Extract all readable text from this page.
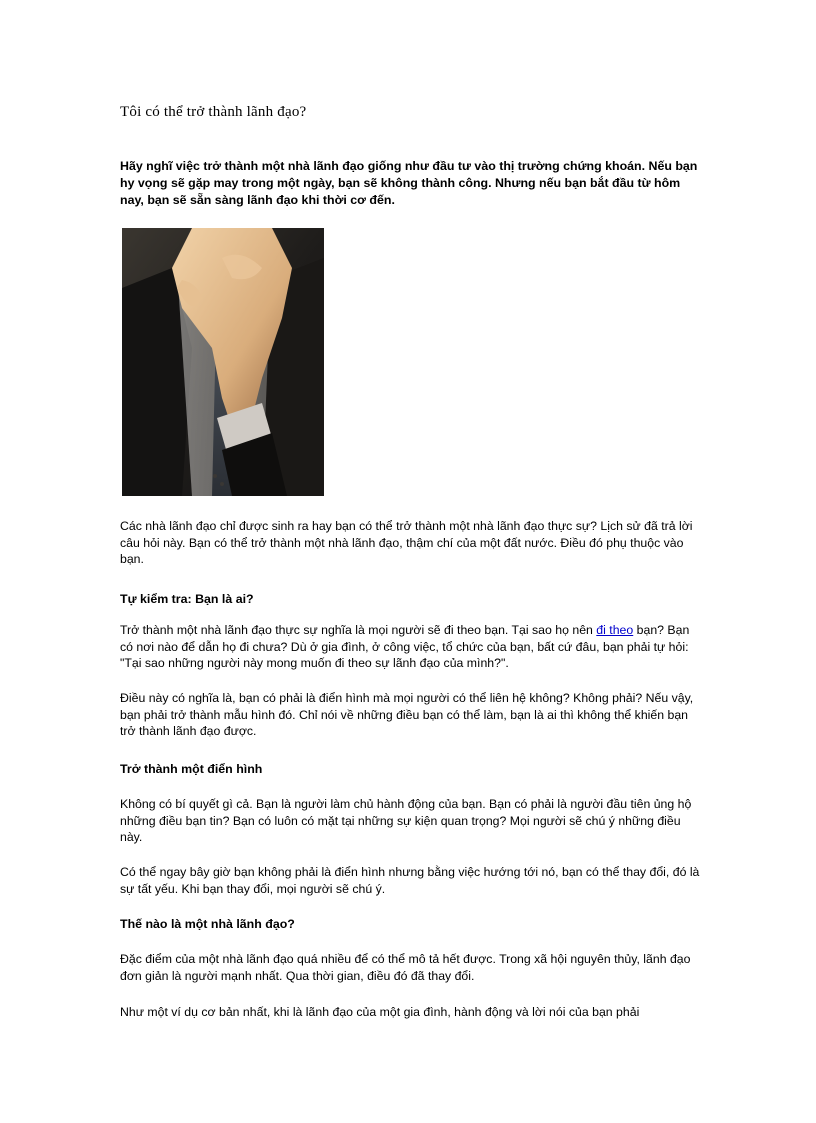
Tôi có thể trở thành lãnh đạo?
Hãy nghĩ việc trở thành một nhà lãnh đạo giống như đầu tư vào thị trường chứng khoán. Nếu bạn hy vọng sẽ gặp may trong một ngày, bạn sẽ không thành công. Nhưng nếu bạn bắt đầu từ hôm nay, bạn sẽ sẵn sàng lãnh đạo khi thời cơ đến.

Các nhà lãnh đạo chỉ được sinh ra hay bạn có thể trở thành một nhà lãnh đạo thực sự? Lịch sử đã trả lời câu hỏi này. Bạn có thể trở thành một nhà lãnh đạo, thậm chí của một đất nước. Điều đó phụ thuộc vào bạn.

Tự kiểm tra: Bạn là ai?

Trở thành một nhà lãnh đạo thực sự nghĩa là mọi người sẽ đi theo bạn. Tại sao họ nên đi theo bạn? Bạn có nơi nào để dẫn họ đi chưa? Dù ở gia đình, ở công việc, tổ chức của bạn, bất cứ đâu, bạn phải tự hỏi: "Tại sao những người này mong muốn đi theo sự lãnh đạo của mình?".

Điều này có nghĩa là, bạn có phải là điển hình mà mọi người có thể liên hệ không? Không phải? Nếu vậy, bạn phải trở thành mẫu hình đó. Chỉ nói về những điều bạn có thể làm, bạn là ai thì không thể khiến bạn trở thành lãnh đạo được.

Trở thành một điển hình

Không có bí quyết gì cả. Bạn là người làm chủ hành động của bạn. Bạn có phải là người đầu tiên ủng hộ những điều bạn tin? Bạn có luôn có mặt tại những sự kiện quan trọng? Mọi người sẽ chú ý những điều này.

Có thể ngay bây giờ bạn không phải là điển hình nhưng bằng việc hướng tới nó, bạn có thể thay đổi, đó là sự tất yếu. Khi bạn thay đổi, mọi người sẽ chú ý.

Thế nào là một nhà lãnh đạo?

Đặc điểm của một nhà lãnh đạo quá nhiều để có thể mô tả hết được. Trong xã hội nguyên thủy, lãnh đạo đơn giản là người mạnh nhất. Qua thời gian, điều đó đã thay đổi.

Như một ví dụ cơ bản nhất, khi là lãnh đạo của một gia đình, hành động và lời nói của bạn phải
